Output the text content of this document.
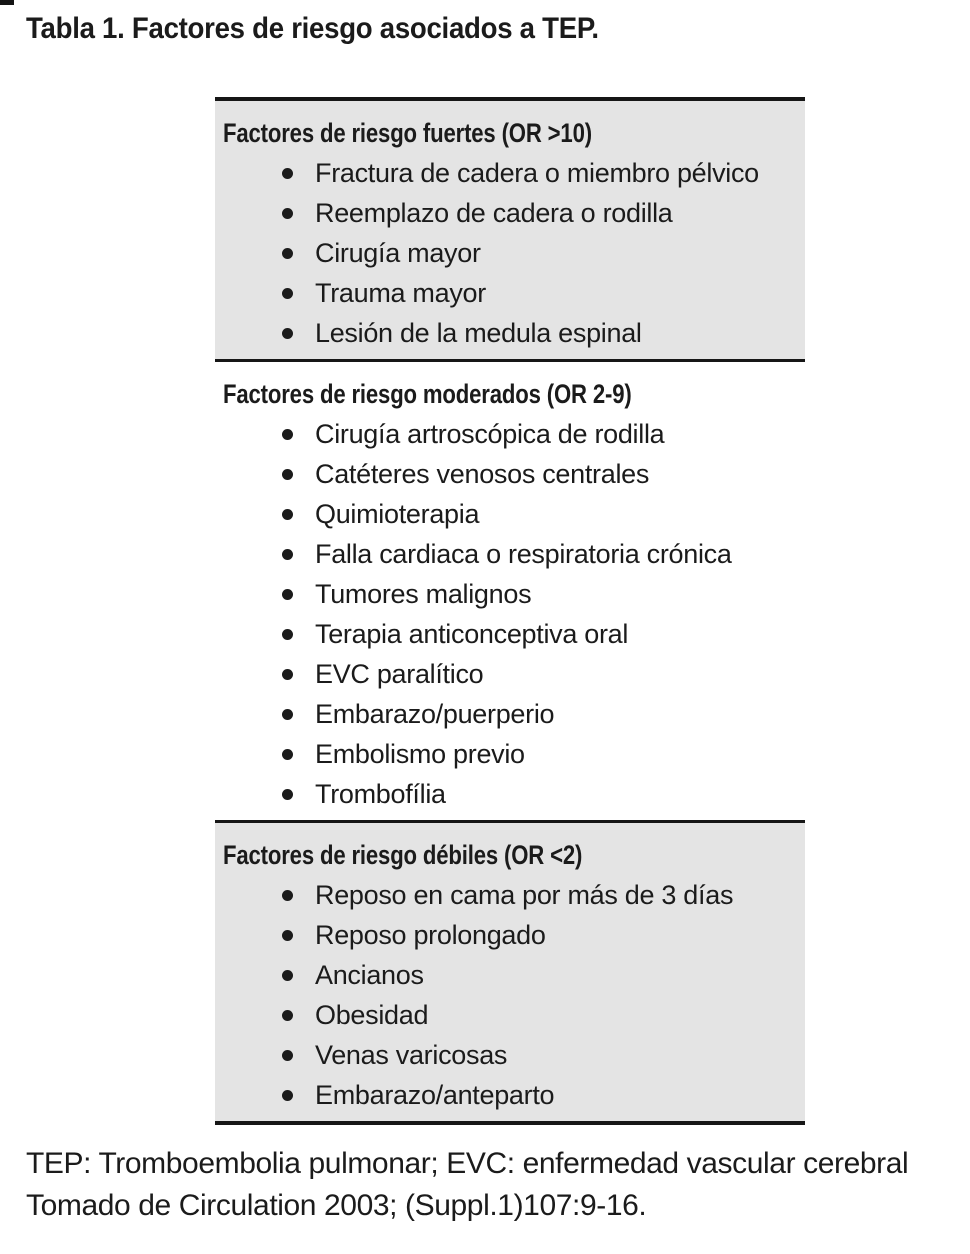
Tabla 1. Factores de riesgo asociados a TEP.
Factores de riesgo fuertes (OR >10)
Fractura de cadera o miembro pélvico
Reemplazo de cadera o rodilla
Cirugía mayor
Trauma mayor
Lesión de la medula espinal
Factores de riesgo moderados (OR 2-9)
Cirugía artroscópica de rodilla
Catéteres venosos centrales
Quimioterapia
Falla cardiaca o respiratoria crónica
Tumores malignos
Terapia anticonceptiva oral
EVC paralítico
Embarazo/puerperio
Embolismo previo
Trombofília
Factores de riesgo débiles (OR <2)
Reposo en cama por más de 3 días
Reposo prolongado
Ancianos
Obesidad
Venas varicosas
Embarazo/anteparto

TEP: Tromboembolia pulmonar; EVC: enfermedad vascular cerebral

Tomado de Circulation 2003; (Suppl.1)107:9-16.
